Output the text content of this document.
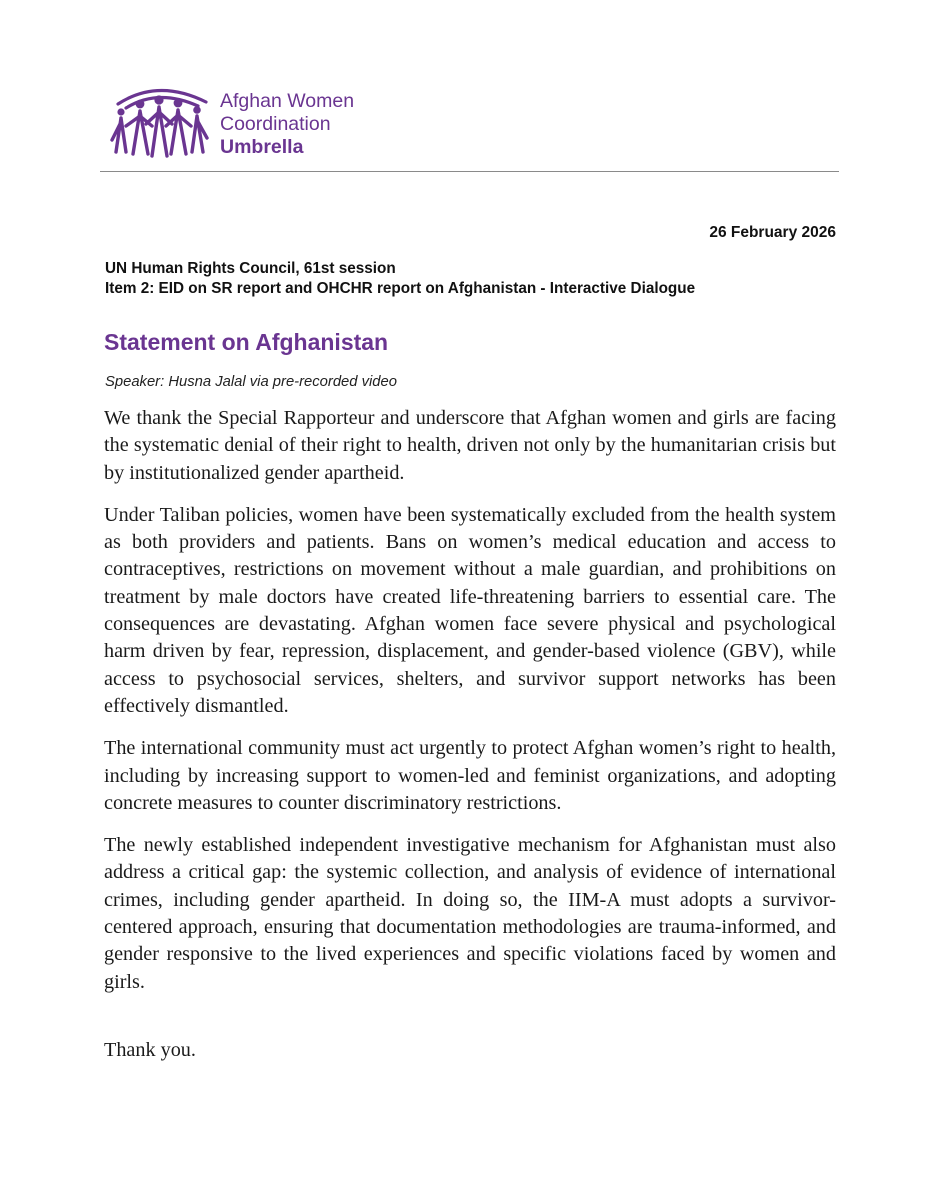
Afghan Women
Coordination
Umbrella
26 February 2026
UN Human Rights Council, 61st session
Item 2: EID on SR report and OHCHR report on Afghanistan - Interactive Dialogue
Statement on Afghanistan
Speaker: Husna Jalal via pre-recorded video

We thank the Special Rapporteur and underscore that Afghan women and girls are facing the systematic denial of their right to health, driven not only by the humanitarian crisis but by institutionalized gender apartheid.

Under Taliban policies, women have been systematically excluded from the health system as both providers and patients. Bans on women’s medical education and access to contraceptives, restrictions on movement without a male guardian, and prohibitions on treatment by male doctors have created life-threatening barriers to essential care. The consequences are devastating. Afghan women face severe physical and psychological harm driven by fear, repression, displacement, and gender-based violence (GBV), while access to psychosocial services, shelters, and survivor support networks has been effectively dismantled.

The international community must act urgently to protect Afghan women’s right to health, including by increasing support to women-led and feminist organizations, and adopting concrete measures to counter discriminatory restrictions.

The newly established independent investigative mechanism for Afghanistan must also address a critical gap: the systemic collection, and analysis of evidence of international crimes, including gender apartheid. In doing so, the IIM-A must adopts a survivor-centered approach, ensuring that documentation methodologies are trauma-informed, and gender responsive to the lived experiences and specific violations faced by women and girls.

Thank you.
